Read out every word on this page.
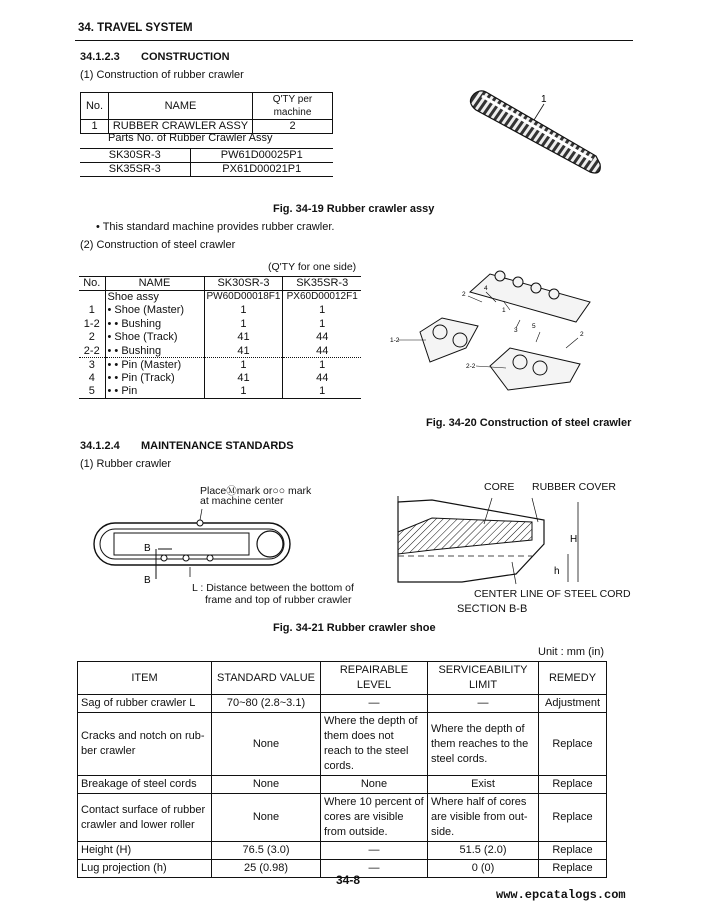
34. TRAVEL SYSTEM
34.1.2.3 CONSTRUCTION
(1) Construction of rubber crawler
No.	NAME	Q'TY per machine
1	RUBBER CRAWLER ASSY	2
Parts No. of Rubber Crawler Assy
SK30SR-3	PW61D00025P1
SK35SR-3	PX61D00021P1
1
Fig. 34-19 Rubber crawler assy
• This standard machine provides rubber crawler.
(2) Construction of steel crawler
(Q'TY for one side)
No.	NAME	SK30SR-3	SK35SR-3
	Shoe assy	PW60D00018F1	PX60D00012F1
1	• Shoe (Master)	1	1
1-2	• • Bushing	1	1
2	• Shoe (Track)	41	44
2-2	• • Bushing	41	44
3	• • Pin (Master)	1	1
4	• • Pin (Track)	41	44
5	• • Pin	1	1
2
4
1
3
5
2
1-2
2-2
Fig. 34-20 Construction of steel crawler
34.1.2.4 MAINTENANCE STANDARDS
(1) Rubber crawler
PlaceⓂmark or○○ mark
at machine center
B
B
L : Distance between the bottom of
frame and top of rubber crawler
CORE RUBBER COVER
H
h
CENTER LINE OF STEEL CORD
SECTION B-B
Fig. 34-21 Rubber crawler shoe
Unit : mm (in)
ITEM	STANDARD VALUE	REPAIRABLE LEVEL	SERVICEABILITY LIMIT	REMEDY
Sag of rubber crawler L	70~80 (2.8~3.1)	—	—	Adjustment
Cracks and notch on rub-ber crawler	None	Where the depth of them does not reach to the steel cords.	Where the depth of them reaches to the steel cords.	Replace
Breakage of steel cords	None	None	Exist	Replace
Contact surface of rubber crawler and lower roller	None	Where 10 percent of cores are visible from outside.	Where half of cores are visible from out-side.	Replace
Height (H)	76.5 (3.0)	—	51.5 (2.0)	Replace
Lug projection (h)	25 (0.98)	—	0 (0)	Replace
34-8
www.epcatalogs.com
